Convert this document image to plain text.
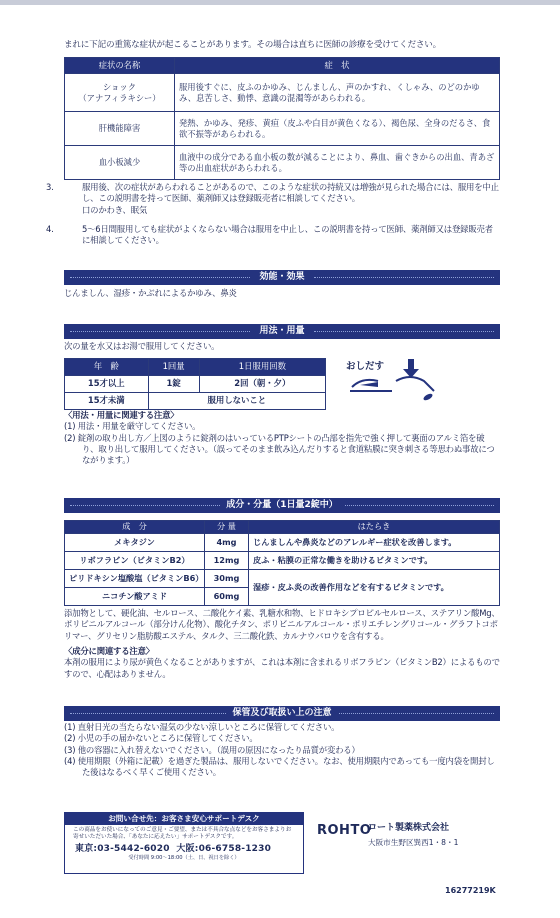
まれに下記の重篤な症状が起こることがあります。その場合は直ちに医師の診療を受けてください。
症状の名称	症　状

ショック
（アナフィラキシー）	服用後すぐに、皮ふのかゆみ、じんましん、声のかすれ、くしゃみ、のどのかゆみ、息苦しさ、動悸、意識の混濁等があらわれる。
肝機能障害	発熱、かゆみ、発疹、黄疸（皮ふや白目が黄色くなる）、褐色尿、全身のだるさ、食欲不振等があらわれる。
血小板減少	血液中の成分である血小板の数が減ることにより、鼻血、歯ぐきからの出血、青あざ等の出血症状があらわれる。
3.	服用後、次の症状があらわれることがあるので、このような症状の持続又は増強が見られた場合には、服用を中止し、この説明書を持って医師、薬剤師又は登録販売者に相談してください。
口のかわき、眠気
4.	5～6日間服用しても症状がよくならない場合は服用を中止し、この説明書を持って医師、薬剤師又は登録販売者に相談してください。
効能・効果
じんましん、湿疹・かぶれによるかゆみ、鼻炎
用法・用量
次の量を水又はお湯で服用してください。
年　齢	1回量	1日服用回数
15才以上	1錠	2回（朝・夕）
15才未満	服用しないこと	
おしだす
〈用法・用量に関連する注意〉
(1) 用法・用量を厳守してください。
(2) 錠剤の取り出し方／上図のように錠剤のはいっているPTPシートの凸部を指先で強く押して裏面のアルミ箔を破り、取り出して服用してください。（誤ってそのまま飲み込んだりすると食道粘膜に突き刺さる等思わぬ事故につながります。）
成分・分量（1日量2錠中）
成　分	分 量	はたらき
メキタジン	4mg	じんましんや鼻炎などのアレルギー症状を改善します。
リボフラビン（ビタミンB2）	12mg	皮ふ・粘膜の正常な働きを助けるビタミンです。
ピリドキシン塩酸塩（ビタミンB6）	30mg	湿疹・皮ふ炎の改善作用などを有するビタミンです。
ニコチン酸アミド	60mg	
添加物として、硬化油、セルロース、二酸化ケイ素、乳糖水和物、ヒドロキシプロピルセルロース、ステアリン酸Mg、ポリビニルアルコール（部分けん化物）、酸化チタン、ポリビニルアルコール・ポリエチレングリコール・グラフトコポリマー、グリセリン脂肪酸エステル、タルク、三二酸化鉄、カルナウバロウを含有する。
〈成分に関連する注意〉
本剤の服用により尿が黄色くなることがありますが、これは本剤に含まれるリボフラビン（ビタミンB2）によるものですので、心配はありません。
保管及び取扱い上の注意
(1) 直射日光の当たらない湿気の少ない涼しいところに保管してください。
(2) 小児の手の届かないところに保管してください。
(3) 他の容器に入れ替えないでください。（誤用の原因になったり品質が変わる）
(4) 使用期限（外箱に記載）を過ぎた製品は、服用しないでください。なお、使用期限内であっても一度内袋を開封した後はなるべく早くご使用ください。
お問い合せ先：お客さま安心サポートデスク
この商品をお使いになってのご意見・ご要望、または不具合な点などをお客さまよりお寄せいただいた場合、「あなたに応えたい」サポートデスクです。
東京:03-5442-6020 大阪:06-6758-1230
受付時間 9:00～18:00（土、日、祝日を除く）
ROHTO
ロート製薬株式会社
大阪市生野区巽西1・8・1
16277219K
